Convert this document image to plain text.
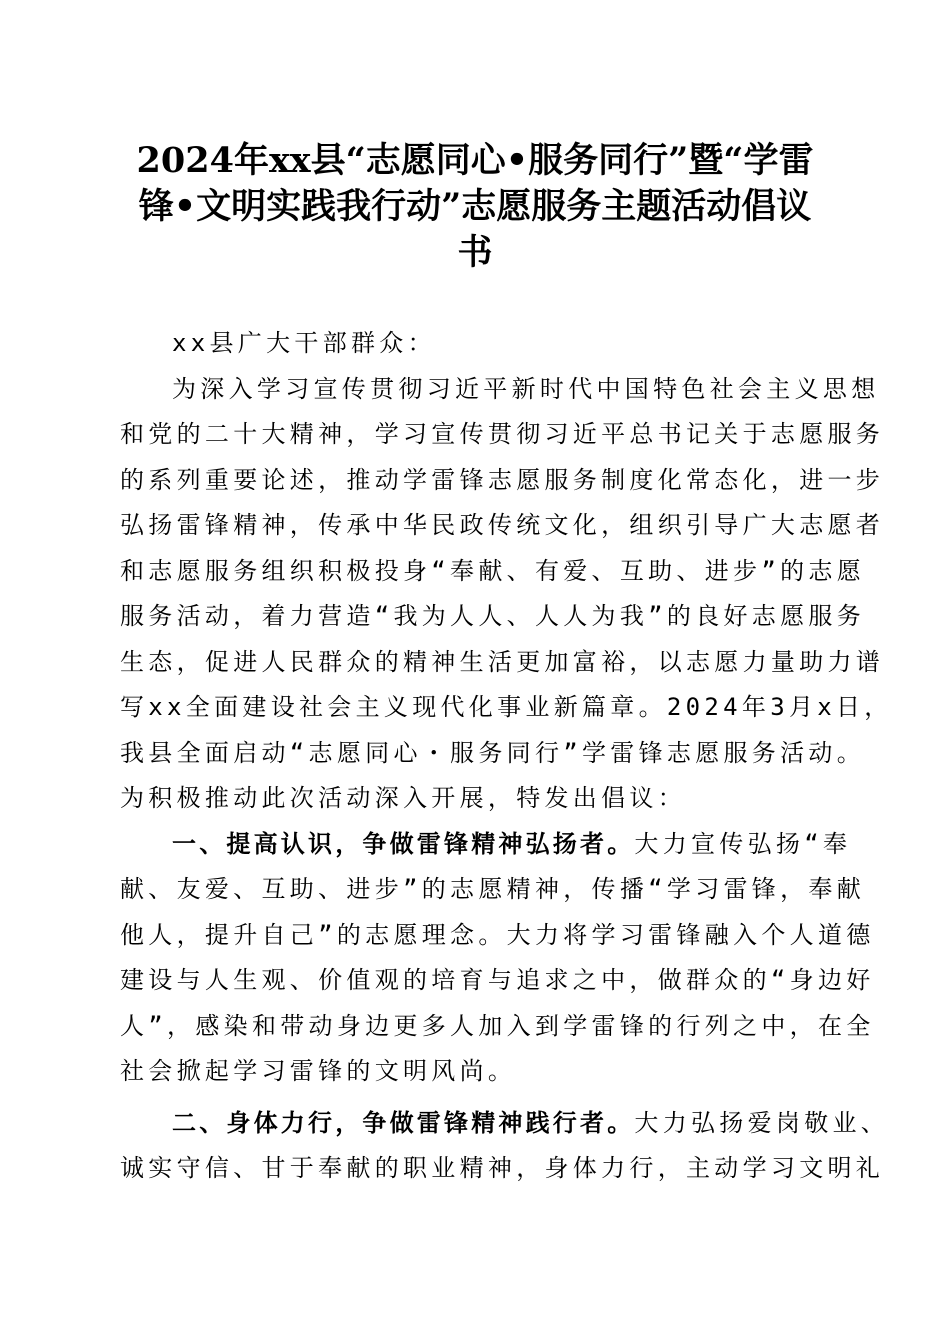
2024年xx县“志愿同心•服务同行”暨“学雷
锋•文明实践我行动”志愿服务主题活动倡议
书
xx县广大干部群众：
为深入学习宣传贯彻习近平新时代中国特色社会主义思想
和党的二十大精神，学习宣传贯彻习近平总书记关于志愿服务
的系列重要论述，推动学雷锋志愿服务制度化常态化，进一步
弘扬雷锋精神，传承中华民政传统文化，组织引导广大志愿者
和志愿服务组织积极投身“奉献、有爱、互助、进步”的志愿
服务活动，着力营造“我为人人、人人为我”的良好志愿服务
生态，促进人民群众的精神生活更加富裕，以志愿力量助力谱
写xx全面建设社会主义现代化事业新篇章。2024年3月x日，
我县全面启动“志愿同心・服务同行”学雷锋志愿服务活动。
为积极推动此次活动深入开展，特发出倡议：
一、提高认识，争做雷锋精神弘扬者。大力宣传弘扬“奉
献、友爱、互助、进步”的志愿精神，传播“学习雷锋，奉献
他人，提升自己”的志愿理念。大力将学习雷锋融入个人道德
建设与人生观、价值观的培育与追求之中，做群众的“身边好
人”，感染和带动身边更多人加入到学雷锋的行列之中，在全
社会掀起学习雷锋的文明风尚。
二、身体力行，争做雷锋精神践行者。大力弘扬爱岗敬业、
诚实守信、甘于奉献的职业精神，身体力行，主动学习文明礼
